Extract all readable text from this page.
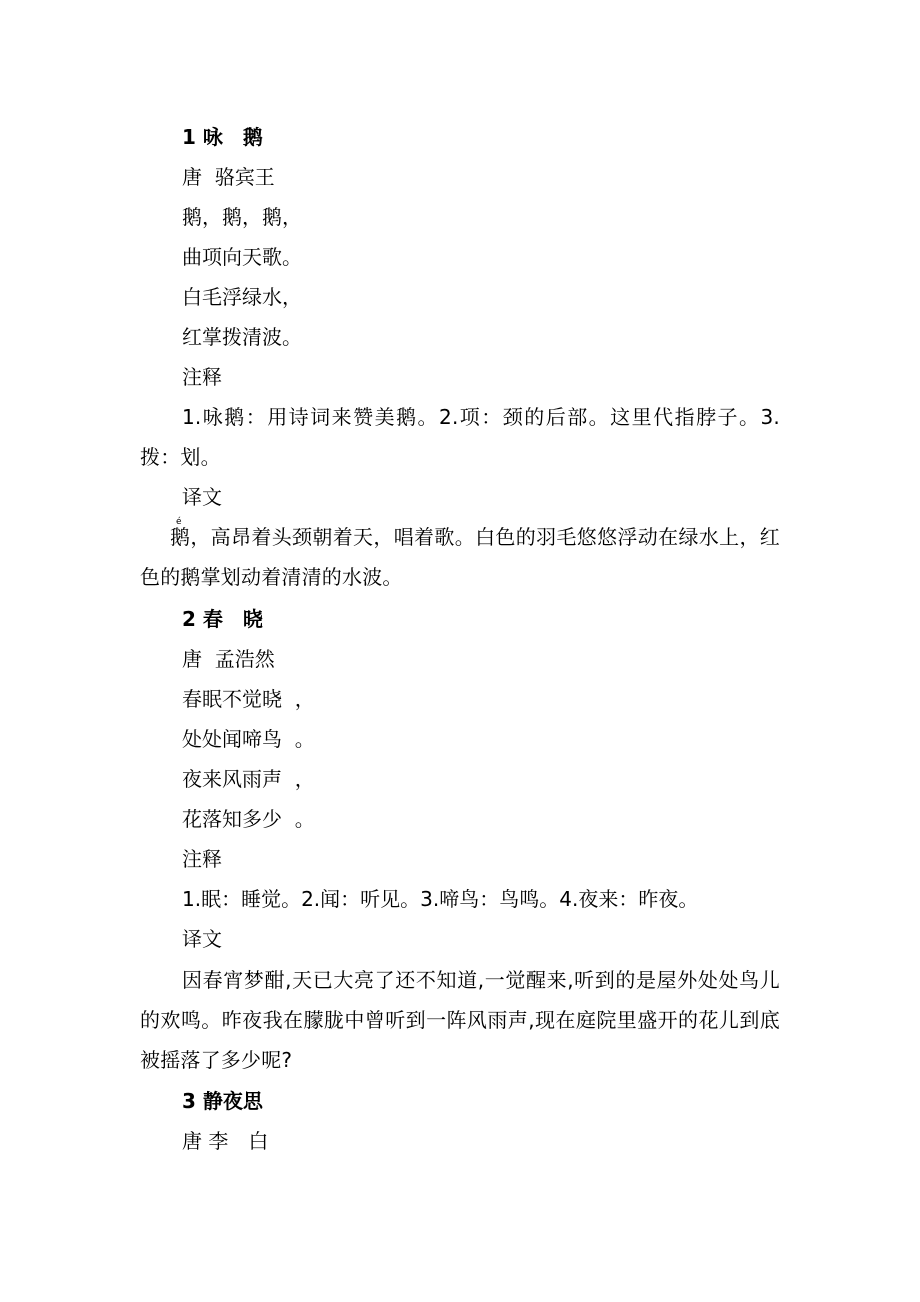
1 咏　鹅
唐  骆宾王
鹅，鹅，鹅，
曲项向天歌。
白毛浮绿水，
红掌拨清波。
注释
1.咏鹅：用诗词来赞美鹅。2.项：颈的后部。这里代指脖子。3.拨：划。
译文
é
鹅，高昂着头颈朝着天，唱着歌。白色的羽毛悠悠浮动在绿水上，红色的鹅掌划动着清清的水波。
2 春　晓
唐  孟浩然
春眠不觉晓  ，
处处闻啼鸟  。
夜来风雨声  ，
花落知多少  。
注释
1.眠：睡觉。2.闻：听见。3.啼鸟：鸟鸣。4.夜来：昨夜。
译文
因春宵梦酣,天已大亮了还不知道,一觉醒来,听到的是屋外处处鸟儿的欢鸣。昨夜我在朦胧中曾听到一阵风雨声,现在庭院里盛开的花儿到底被摇落了多少呢?
3 静夜思
唐 李　白
